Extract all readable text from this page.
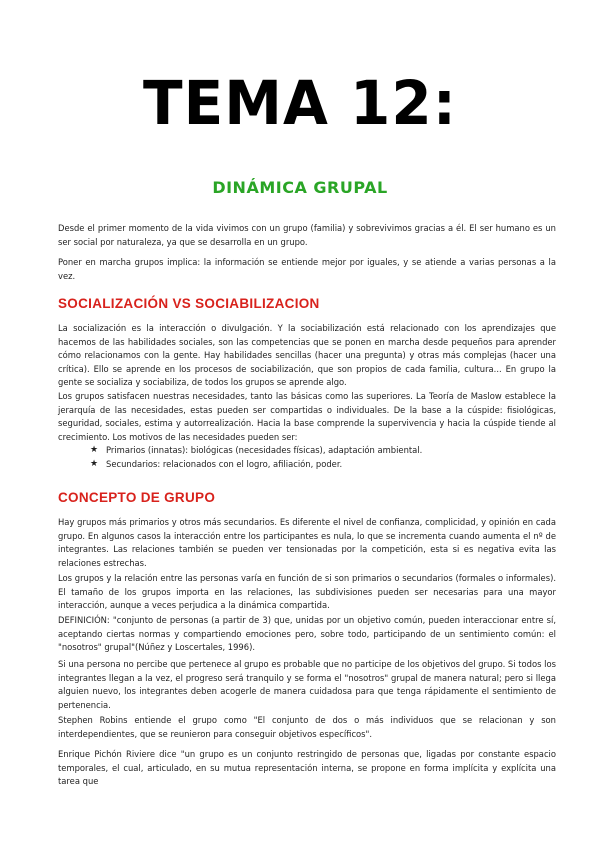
TEMA 12:
DINÁMICA GRUPAL

Desde el primer momento de la vida vivimos con un grupo (familia) y sobrevivimos gracias a él. El ser humano es un ser social por naturaleza, ya que se desarrolla en un grupo.

Poner en marcha grupos implica: la información se entiende mejor por iguales, y se atiende a varias personas a la vez.

SOCIALIZACIÓN VS SOCIABILIZACION

La socialización es la interacción o divulgación. Y la sociabilización está relacionado con los aprendizajes que hacemos de las habilidades sociales, son las competencias que se ponen en marcha desde pequeños para aprender cómo relacionamos con la gente. Hay habilidades sencillas (hacer una pregunta) y otras más complejas (hacer una crítica). Ello se aprende en los procesos de sociabilización, que son propios de cada familia, cultura... En grupo la gente se socializa y sociabiliza, de todos los grupos se aprende algo.

Los grupos satisfacen nuestras necesidades, tanto las básicas como las superiores. La Teoría de Maslow establece la jerarquía de las necesidades, estas pueden ser compartidas o individuales. De la base a la cúspide: fisiológicas, seguridad, sociales, estima y autorrealización. Hacia la base comprende la supervivencia y hacia la cúspide tiende al crecimiento. Los motivos de las necesidades pueden ser:

★ Primarios (innatas): biológicas (necesidades físicas), adaptación ambiental.
★ Secundarios: relacionados con el logro, afiliación, poder.
CONCEPTO DE GRUPO

Hay grupos más primarios y otros más secundarios. Es diferente el nivel de confianza, complicidad, y opinión en cada grupo. En algunos casos la interacción entre los participantes es nula, lo que se incrementa cuando aumenta el nº de integrantes. Las relaciones también se pueden ver tensionadas por la competición, esta si es negativa evita las relaciones estrechas.

Los grupos y la relación entre las personas varía en función de si son primarios o secundarios (formales o informales). El tamaño de los grupos importa en las relaciones, las subdivisiones pueden ser necesarias para una mayor interacción, aunque a veces perjudica a la dinámica compartida.

DEFINICIÓN: "conjunto de personas (a partir de 3) que, unidas por un objetivo común, pueden interaccionar entre sí, aceptando ciertas normas y compartiendo emociones pero, sobre todo, participando de un sentimiento común: el "nosotros" grupal"(Núñez y Loscertales, 1996).

Si una persona no percibe que pertenece al grupo es probable que no participe de los objetivos del grupo. Si todos los integrantes llegan a la vez, el progreso será tranquilo y se forma el "nosotros" grupal de manera natural; pero si llega alguien nuevo, los integrantes deben acogerle de manera cuidadosa para que tenga rápidamente el sentimiento de pertenencia.

Stephen Robins entiende el grupo como "El conjunto de dos o más individuos que se relacionan y son interdependientes, que se reunieron para conseguir objetivos específicos".

Enrique Pichón Riviere dice "un grupo es un conjunto restringido de personas que, ligadas por constante espacio temporales, el cual, articulado, en su mutua representación interna, se propone en forma implícita y explícita una tarea que
